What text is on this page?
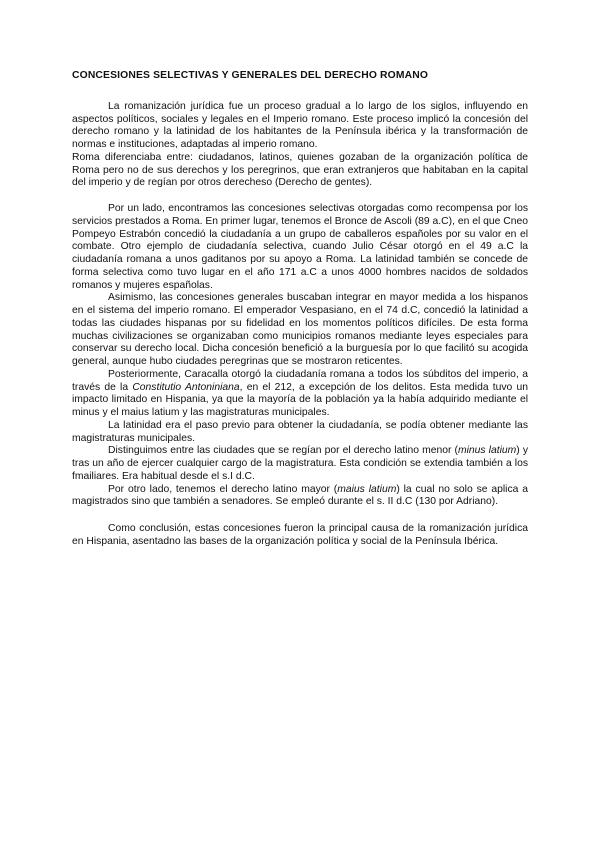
CONCESIONES SELECTIVAS Y GENERALES DEL DERECHO ROMANO

La romanización jurídica fue un proceso gradual a lo largo de los siglos, influyendo en aspectos políticos, sociales y legales en el Imperio romano. Este proceso implicó la concesión del derecho romano y la latinidad de los habitantes de la Península ibérica y la transformación de normas e instituciones, adaptadas al imperio romano.

Roma diferenciaba entre: ciudadanos, latinos, quienes gozaban de la organización política de Roma pero no de sus derechos y los peregrinos, que eran extranjeros que habitaban en la capital del imperio y de regían por otros derecheso (Derecho de gentes).

Por un lado, encontramos las concesiones selectivas otorgadas como recompensa por los servicios prestados a Roma. En primer lugar, tenemos el Bronce de Ascoli (89 a.C), en el que Cneo Pompeyo Estrabón concedió la ciudadanía a un grupo de caballeros españoles por su valor en el combate. Otro ejemplo de ciudadanía selectiva, cuando Julio César otorgó en el 49 a.C la ciudadanía romana a unos gaditanos por su apoyo a Roma. La latinidad también se concede de forma selectiva como tuvo lugar en el año 171 a.C a unos 4000 hombres nacidos de soldados romanos y mujeres españolas.

Asimismo, las concesiones generales buscaban integrar en mayor medida a los hispanos en el sistema del imperio romano. El emperador Vespasiano, en el 74 d.C, concedió la latinidad a todas las ciudades hispanas por su fidelidad en los momentos políticos difíciles. De esta forma muchas civilizaciones se organizaban como municipios romanos mediante leyes especiales para conservar su derecho local. Dicha concesión benefició a la burguesía por lo que facilitó su acogida general, aunque hubo ciudades peregrinas que se mostraron reticentes.

Posteriormente, Caracalla otorgó la ciudadanía romana a todos los súbditos del imperio, a través de la Constitutio Antoniniana, en el 212, a excepción de los delitos. Esta medida tuvo un impacto limitado en Hispania, ya que la mayoría de la población ya la había adquirido mediante el minus y el maius latium y las magistraturas municipales.

La latinidad era el paso previo para obtener la ciudadanía, se podía obtener mediante las magistraturas municipales.

Distinguimos entre las ciudades que se regían por el derecho latino menor (minus latium) y tras un año de ejercer cualquier cargo de la magistratura. Esta condición se extendia también a los fmailiares. Era habitual desde el s.I d.C.

Por otro lado, tenemos el derecho latino mayor (maius latium) la cual no solo se aplica a magistrados sino que también a senadores. Se empleó durante el s. II d.C (130 por Adriano).

Como conclusión, estas concesiones fueron la principal causa de la romanización jurídica en Hispania, asentadno las bases de la organización política y social de la Península Ibérica.
